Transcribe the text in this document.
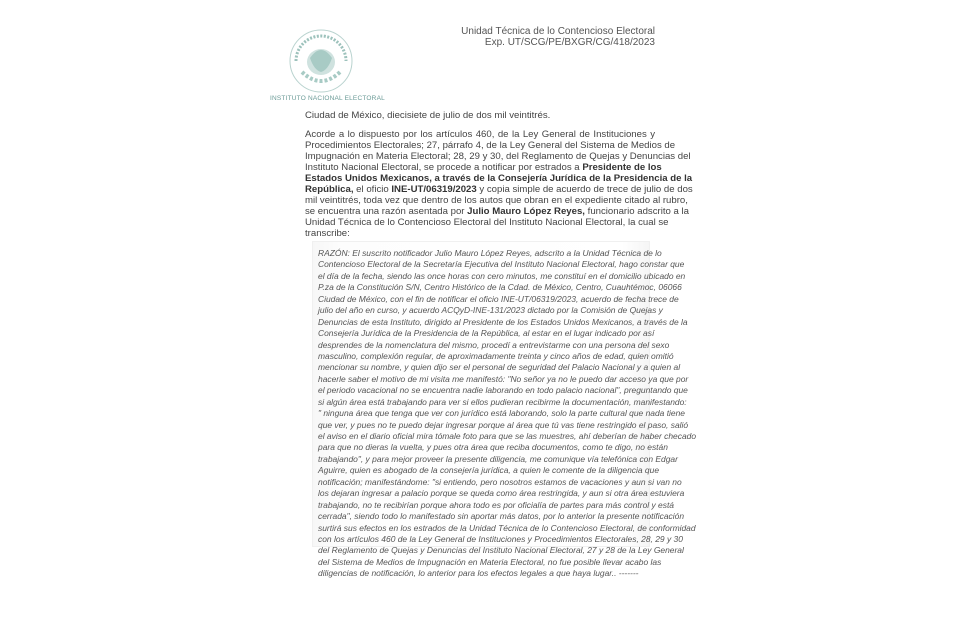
INSTITUTO NACIONAL ELECTORAL
Unidad Técnica de lo Contencioso Electoral
Exp. UT/SCG/PE/BXGR/CG/418/2023
Ciudad de México, diecisiete de julio de dos mil veintitrés.
Acorde a lo dispuesto por los artículos 460, de la Ley General de Instituciones y
Procedimientos Electorales; 27, párrafo 4, de la Ley General del Sistema de Medios de
Impugnación en Materia Electoral; 28, 29 y 30, del Reglamento de Quejas y Denuncias del
Instituto Nacional Electoral, se procede a notificar por estrados a Presidente de los
Estados Unidos Mexicanos, a través de la Consejería Jurídica de la Presidencia de la
República, el oficio INE-UT/06319/2023 y copia simple de acuerdo de trece de julio de dos
mil veintitrés, toda vez que dentro de los autos que obran en el expediente citado al rubro,
se encuentra una razón asentada por Julio Mauro López Reyes, funcionario adscrito a la
Unidad Técnica de lo Contencioso Electoral del Instituto Nacional Electoral, la cual se
transcribe:
RAZÓN: El suscrito notificador Julio Mauro López Reyes, adscrito a la Unidad Técnica de lo
Contencioso Electoral de la Secretaría Ejecutiva del Instituto Nacional Electoral, hago constar que
el día de la fecha, siendo las once horas con cero minutos, me constituí en el domicilio ubicado en
P.za de la Constitución S/N, Centro Histórico de la Cdad. de México, Centro, Cuauhtémoc, 06066
Ciudad de México, con el fin de notificar el oficio INE-UT/06319/2023, acuerdo de fecha trece de
julio del año en curso, y acuerdo ACQyD-INE-131/2023 dictado por la Comisión de Quejas y
Denuncias de esta Instituto, dirigido al Presidente de los Estados Unidos Mexicanos, a través de la
Consejería Jurídica de la Presidencia de la República, al estar en el lugar indicado por así
desprendes de la nomenclatura del mismo, procedí a entrevistarme con una persona del sexo
masculino, complexión regular, de aproximadamente treinta y cinco años de edad, quien omitió
mencionar su nombre, y quien dijo ser el personal de seguridad del Palacio Nacional y a quien al
hacerle saber el motivo de mi visita me manifestó: "No señor ya no le puedo dar acceso ya que por
el periodo vacacional no se encuentra nadie laborando en todo palacio nacional", preguntando que
si algún área está trabajando para ver si ellos pudieran recibirme la documentación, manifestando:
" ninguna área que tenga que ver con jurídico está laborando, solo la parte cultural que nada tiene
que ver, y pues no te puedo dejar ingresar porque al área que tú vas tiene restringido el paso, salió
el aviso en el diario oficial mira tómale foto para que se las muestres, ahí deberían de haber checado
para que no dieras la vuelta, y pues otra área que reciba documentos, como te digo, no están
trabajando", y para mejor proveer la presente diligencia, me comunique vía telefónica con Edgar
Aguirre, quien es abogado de la consejería jurídica, a quien le comente de la diligencia que
notificación; manifestándome: "si entiendo, pero nosotros estamos de vacaciones y aun si van no
los dejaran ingresar a palacio porque se queda como área restringida, y aun si otra área estuviera
trabajando, no te recibirían porque ahora todo es por oficialía de partes para más control y está
cerrada", siendo todo lo manifestado sin aportar más datos, por lo anterior la presente notificación
surtirá sus efectos en los estrados de la Unidad Técnica de lo Contencioso Electoral, de conformidad
con los artículos 460 de la Ley General de Instituciones y Procedimientos Electorales, 28, 29 y 30
del Reglamento de Quejas y Denuncias del Instituto Nacional Electoral, 27 y 28 de la Ley General
del Sistema de Medios de Impugnación en Materia Electoral, no fue posible llevar acabo las
diligencias de notificación, lo anterior para los efectos legales a que haya lugar.. -------
